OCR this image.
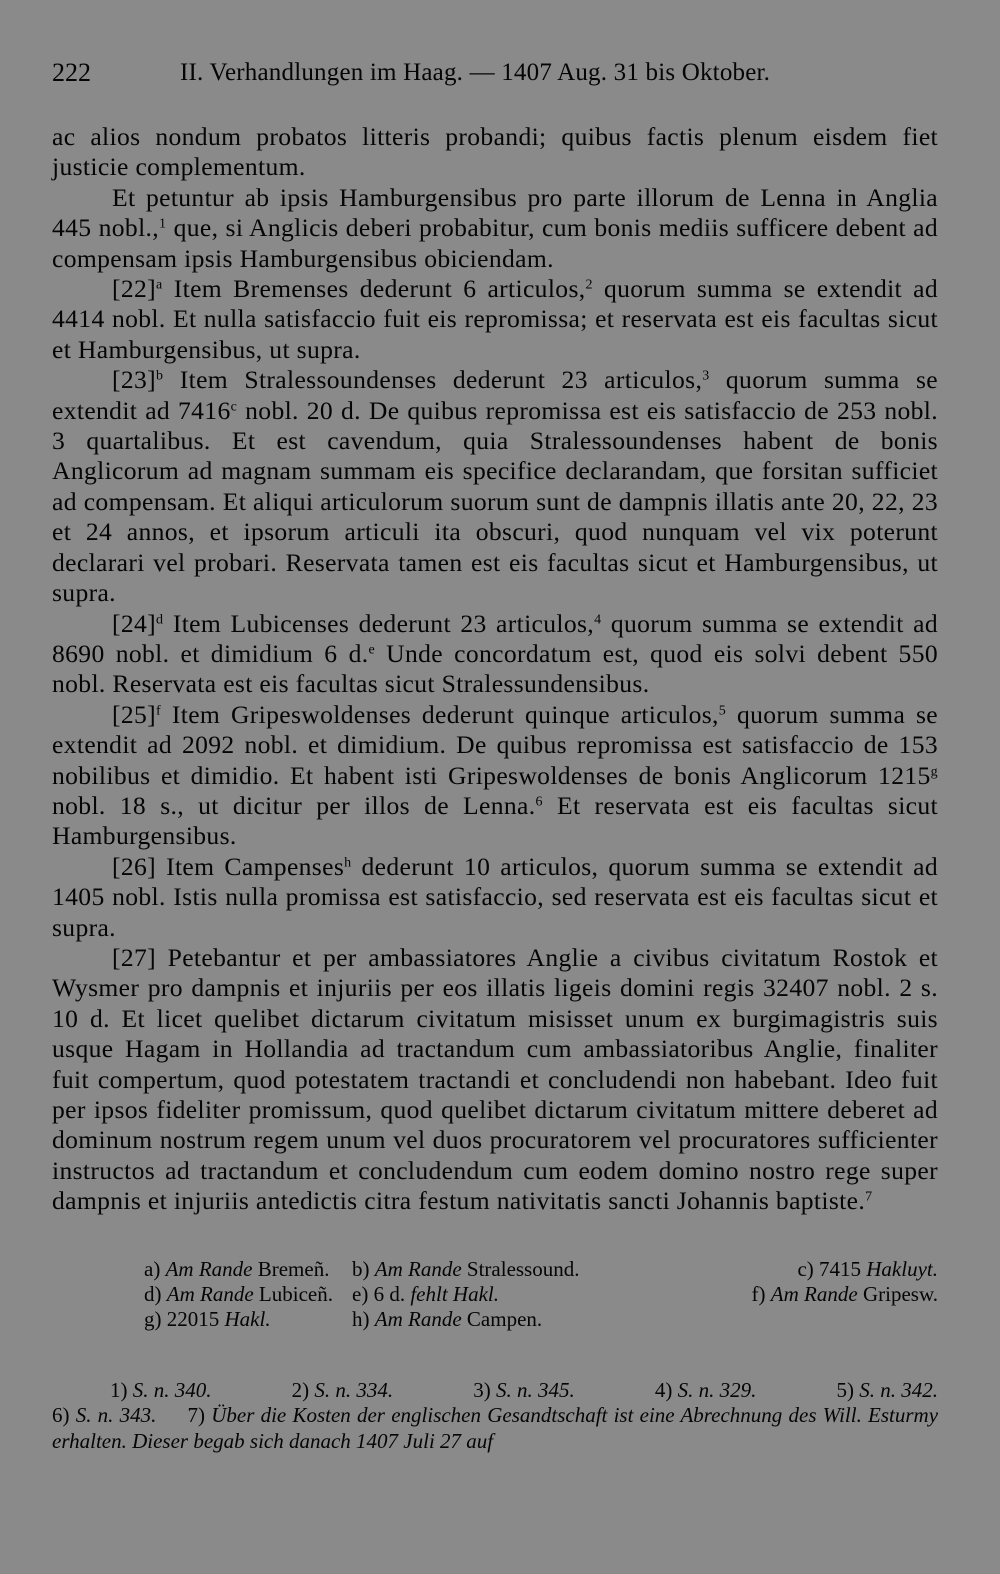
222	II. Verhandlungen im Haag. — 1407 Aug. 31 bis Oktober.

ac alios nondum probatos litteris probandi; quibus factis plenum eisdem fiet justicie complementum.

Et petuntur ab ipsis Hamburgensibus pro parte illorum de Lenna in Anglia 445 nobl.,$^1$ que, si Anglicis deberi probabitur, cum bonis mediis sufficere debent ad compensam ipsis Hamburgensibus obiciendam.

$[22]^a$ Item Bremenses dederunt 6 articulos,$^2$ quorum summa se extendit ad 4414 nobl. Et nulla satisfaccio fuit eis repromissa; et reservata est eis facultas sicut et Hamburgensibus, ut supra.

$[23]^b$ Item Stralessoundenses dederunt 23 articulos,$^3$ quorum summa se extendit ad 7416$^c$ nobl. 20 d. De quibus repromissa est eis satisfaccio de 253 nobl. 3 quartalibus. Et est cavendum, quia Stralessoundenses habent de bonis Anglicorum ad magnam summam eis specifice declarandam, que forsitan sufficiet ad compensam. Et aliqui articulorum suorum sunt de dampnis illatis ante 20, 22, 23 et 24 annos, et ipsorum articuli ita obscuri, quod nunquam vel vix poterunt declarari vel probari. Reservata tamen est eis facultas sicut et Hamburgensibus, ut supra.

$[24]^d$ Item Lubicenses dederunt 23 articulos,$^4$ quorum summa se extendit ad 8690 nobl. et dimidium 6 d.$^e$ Unde concordatum est, quod eis solvi debent 550 nobl. Reservata est eis facultas sicut Stralessundensibus.

$[25]^f$ Item Gripeswoldenses dederunt quinque articulos,$^5$ quorum summa se extendit ad 2092 nobl. et dimidium. De quibus repromissa est satisfaccio de 153 nobilibus et dimidio. Et habent isti Gripeswoldenses de bonis Anglicorum 1215$^g$ nobl. 18 s., ut dicitur per illos de Lenna.$^6$ Et reservata est eis facultas sicut Hamburgensibus.

[26] Item Campenses$^h$ dederunt 10 articulos, quorum summa se extendit ad 1405 nobl. Istis nulla promissa est satisfaccio, sed reservata est eis facultas sicut et supra.

[27] Petebantur et per ambassiatores Anglie a civibus civitatum Rostok et Wysmer pro dampnis et injuriis per eos illatis ligeis domini regis 32407 nobl. 2 s. 10 d. Et licet quelibet dictarum civitatum misisset unum ex burgimagistris suis usque Hagam in Hollandia ad tractandum cum ambassiatoribus Anglie, finaliter fuit compertum, quod potestatem tractandi et concludendi non habebant. Ideo fuit per ipsos fideliter promissum, quod quelibet dictarum civitatum mittere deberet ad dominum nostrum regem unum vel duos procuratorem vel procuratores sufficienter instructos ad tractandum et concludendum cum eodem domino nostro rege super dampnis et injuriis antedictis citra festum nativitatis sancti Johannis baptiste.$^7$

a) Am Rande Bremeñ.	b) Am Rande Stralessound.	c) 7415 Hakluyt.
d) Am Rande Lubiceñ. e) 6 d. fehlt Hakl.	f) Am Rande Gripesw.
g) 22015 Hakl.	h) Am Rande Campen.
1) S. n. 340.	2) S. n. 334.	3) S. n. 345.	4) S. n. 329.	5) S. n. 342.
6) S. n. 343. 7) Über die Kosten der englischen Gesandtschaft ist eine Abrechnung des Will. Esturmy erhalten. Dieser begab sich danach 1407 Juli 27 auf
